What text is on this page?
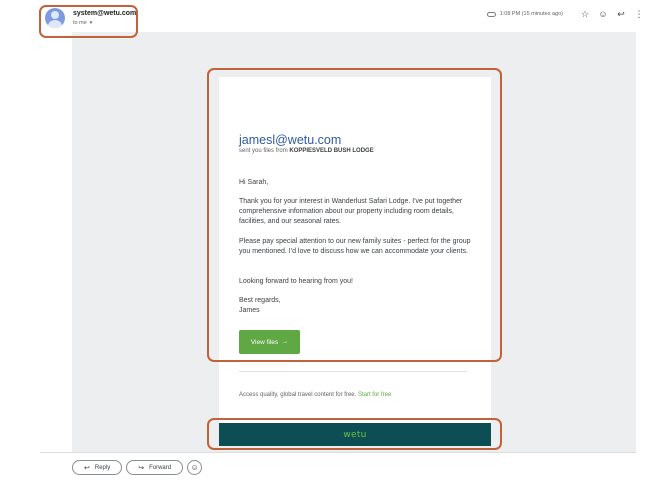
system@wetu.com
to me ▼
1:08 PM (15 minutes ago) ☆ ☺ ↩ ⋮
jamesl@wetu.com
sent you files from KOPPIESVELD BUSH LODGE
Hi Sarah,
Thank you for your interest in Wanderlust Safari Lodge. I've put together comprehensive information about our property including room details, facilities, and our seasonal rates.
Please pay special attention to our new family suites - perfect for the group you mentioned. I'd love to discuss how we can accommodate your clients.
Looking forward to hearing from you!
Best regards,
James
View files →
Access quality, global travel content for free. Start for free
wetu
↩ Reply	↪ Forward	☺
